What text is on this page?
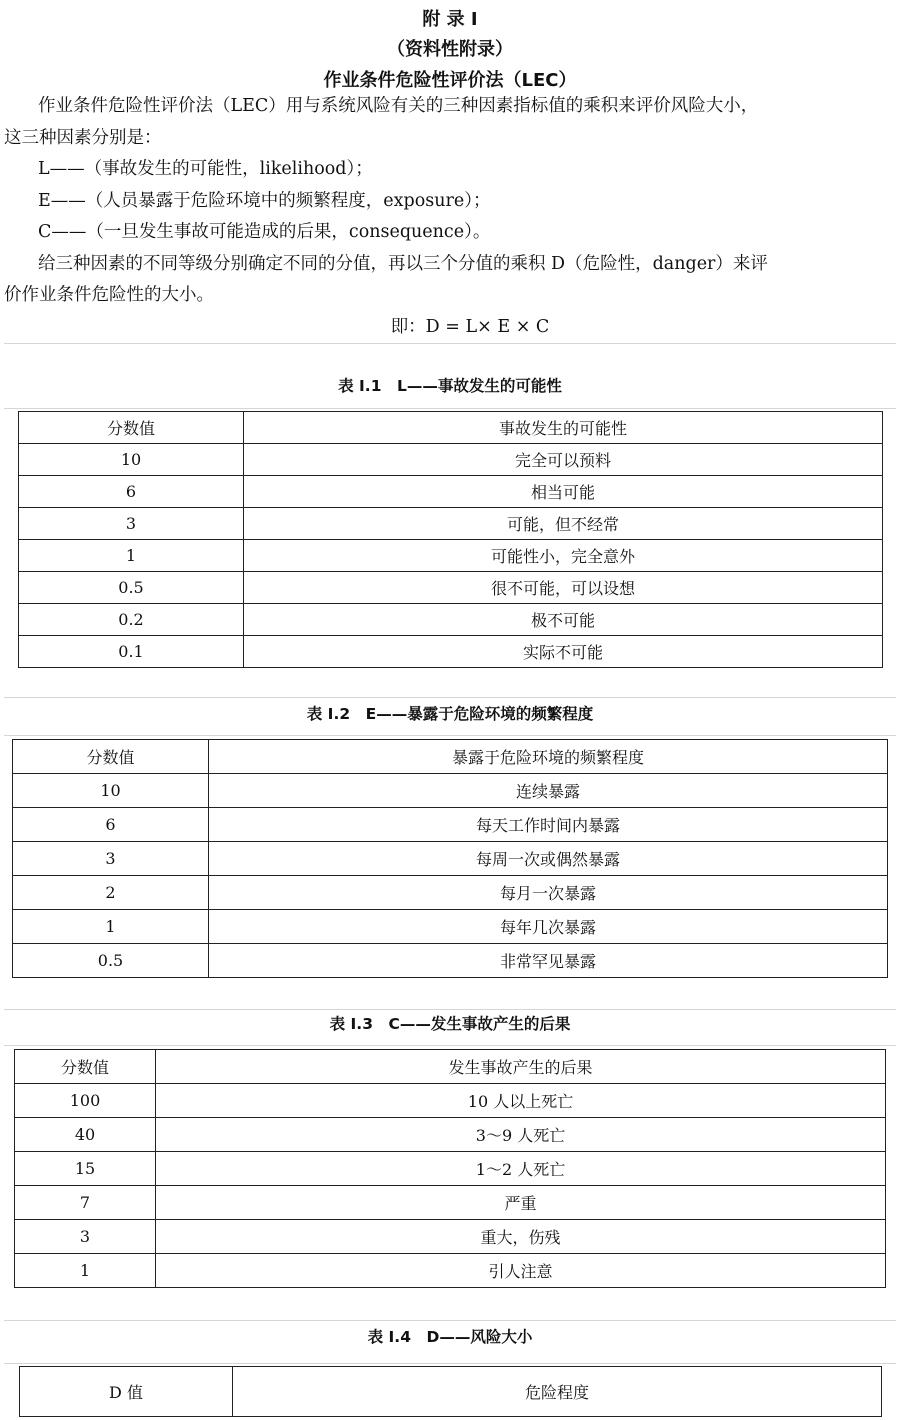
附 录 I
（资料性附录）
作业条件危险性评价法（LEC）
作业条件危险性评价法（LEC）用与系统风险有关的三种因素指标值的乘积来评价风险大小，
这三种因素分别是：
L——（事故发生的可能性，likelihood）；
E——（人员暴露于危险环境中的频繁程度，exposure）；
C——（一旦发生事故可能造成的后果，consequence）。
给三种因素的不同等级分别确定不同的分值，再以三个分值的乘积 D（危险性，danger）来评
价作业条件危险性的大小。
即：D = L× E × C
表 I.1　L——事故发生的可能性
分数值	事故发生的可能性
10	完全可以预料
6	相当可能
3	可能，但不经常
1	可能性小，完全意外
0.5	很不可能，可以设想
0.2	极不可能
0.1	实际不可能
表 I.2　E——暴露于危险环境的频繁程度
分数值	暴露于危险环境的频繁程度
10	连续暴露
6	每天工作时间内暴露
3	每周一次或偶然暴露
2	每月一次暴露
1	每年几次暴露
0.5	非常罕见暴露
表 I.3　C——发生事故产生的后果
分数值	发生事故产生的后果
100	10 人以上死亡
40	3～9 人死亡
15	1～2 人死亡
7	严重
3	重大，伤残
1	引人注意
表 I.4　D——风险大小
D 值	危险程度
